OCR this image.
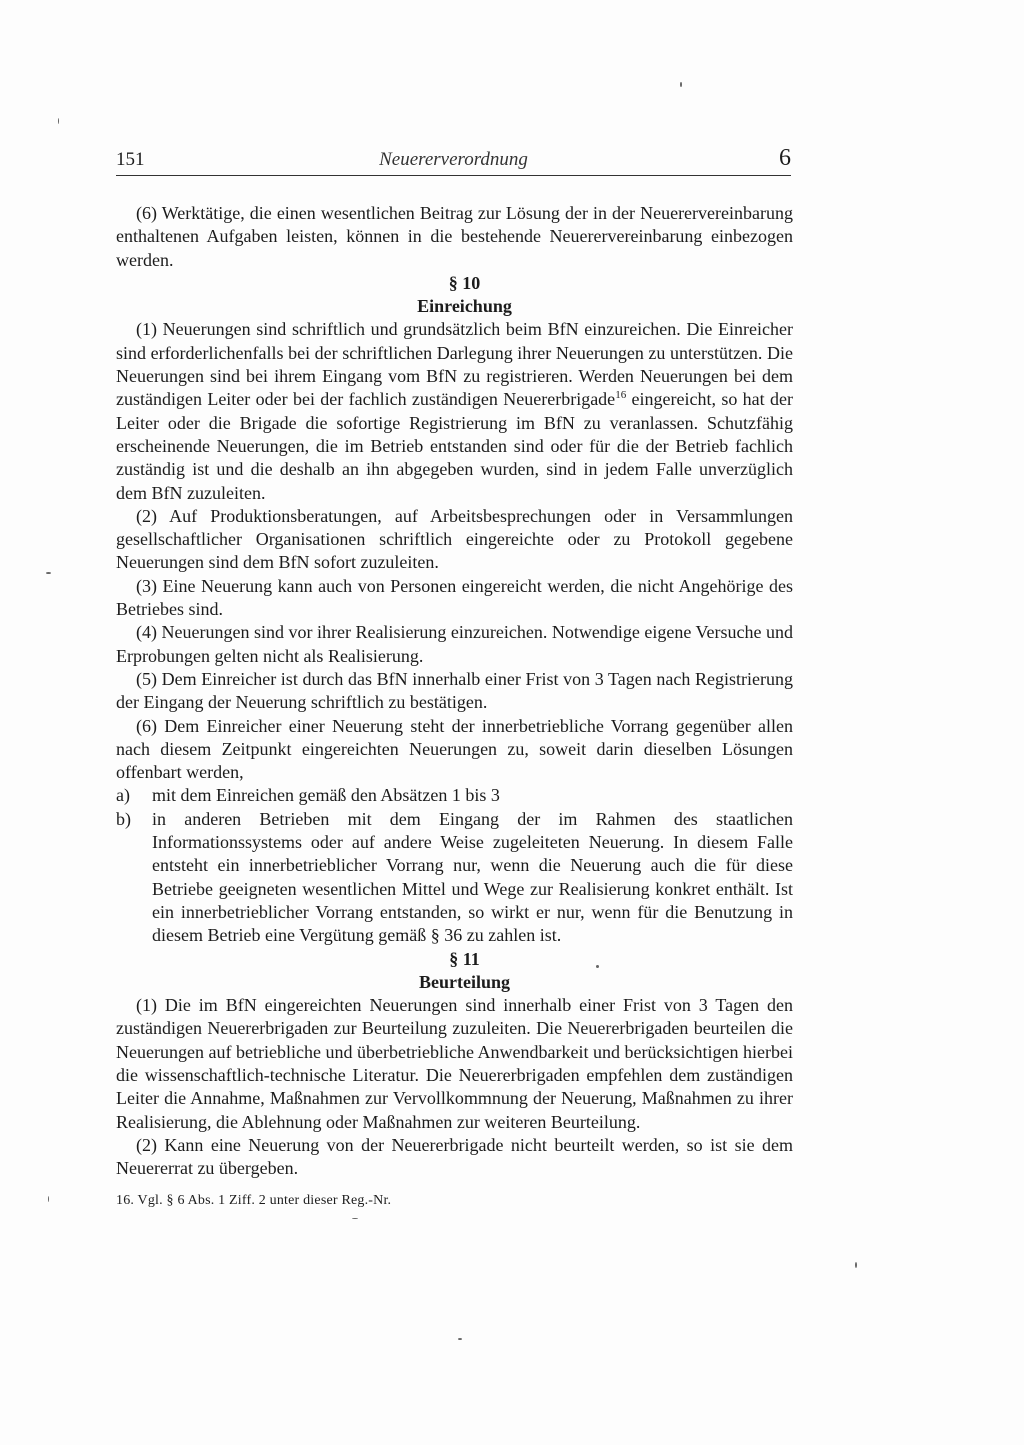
151	Neuererverordnung	6

(6) Werktätige, die einen wesentlichen Beitrag zur Lösung der in der Neuerervereinbarung enthaltenen Aufgaben leisten, können in die bestehende Neuerervereinbarung einbezogen werden.

§ 10

Einreichung

(1) Neuerungen sind schriftlich und grundsätzlich beim BfN einzureichen. Die Einreicher sind erforderlichenfalls bei der schriftlichen Darlegung ihrer Neuerungen zu unterstützen. Die Neuerungen sind bei ihrem Eingang vom BfN zu registrieren. Werden Neuerungen bei dem zuständigen Leiter oder bei der fachlich zuständigen Neuererbrigade$^{16}$ eingereicht, so hat der Leiter oder die Brigade die sofortige Registrierung im BfN zu veranlassen. Schutzfähig erscheinende Neuerungen, die im Betrieb entstanden sind oder für die der Betrieb fachlich zuständig ist und die deshalb an ihn abgegeben wurden, sind in jedem Falle unverzüglich dem BfN zuzuleiten.

(2) Auf Produktionsberatungen, auf Arbeitsbesprechungen oder in Versammlungen gesellschaftlicher Organisationen schriftlich eingereichte oder zu Protokoll gegebene Neuerungen sind dem BfN sofort zuzuleiten.

(3) Eine Neuerung kann auch von Personen eingereicht werden, die nicht Angehörige des Betriebes sind.

(4) Neuerungen sind vor ihrer Realisierung einzureichen. Notwendige eigene Versuche und Erprobungen gelten nicht als Realisierung.

(5) Dem Einreicher ist durch das BfN innerhalb einer Frist von 3 Tagen nach Registrierung der Eingang der Neuerung schriftlich zu bestätigen.

(6) Dem Einreicher einer Neuerung steht der innerbetriebliche Vorrang gegenüber allen nach diesem Zeitpunkt eingereichten Neuerungen zu, soweit darin dieselben Lösungen offenbart werden,

a) mit dem Einreichen gemäß den Absätzen 1 bis 3

b) in anderen Betrieben mit dem Eingang der im Rahmen des staatlichen Informationssystems oder auf andere Weise zugeleiteten Neuerung. In diesem Falle entsteht ein innerbetrieblicher Vorrang nur, wenn die Neuerung auch die für diese Betriebe geeigneten wesentlichen Mittel und Wege zur Realisierung konkret enthält. Ist ein innerbetrieblicher Vorrang entstanden, so wirkt er nur, wenn für die Benutzung in diesem Betrieb eine Vergütung gemäß § 36 zu zahlen ist.

§ 11

Beurteilung

(1) Die im BfN eingereichten Neuerungen sind innerhalb einer Frist von 3 Tagen den zuständigen Neuererbrigaden zur Beurteilung zuzuleiten. Die Neuererbrigaden beurteilen die Neuerungen auf betriebliche und überbetriebliche Anwendbarkeit und berücksichtigen hierbei die wissenschaftlich-technische Literatur. Die Neuererbrigaden empfehlen dem zuständigen Leiter die Annahme, Maßnahmen zur Vervollkommnung der Neuerung, Maßnahmen zu ihrer Realisierung, die Ablehnung oder Maßnahmen zur weiteren Beurteilung.

(2) Kann eine Neuerung von der Neuererbrigade nicht beurteilt werden, so ist sie dem Neuererrat zu übergeben.

16. Vgl. § 6 Abs. 1 Ziff. 2 unter dieser Reg.-Nr.
